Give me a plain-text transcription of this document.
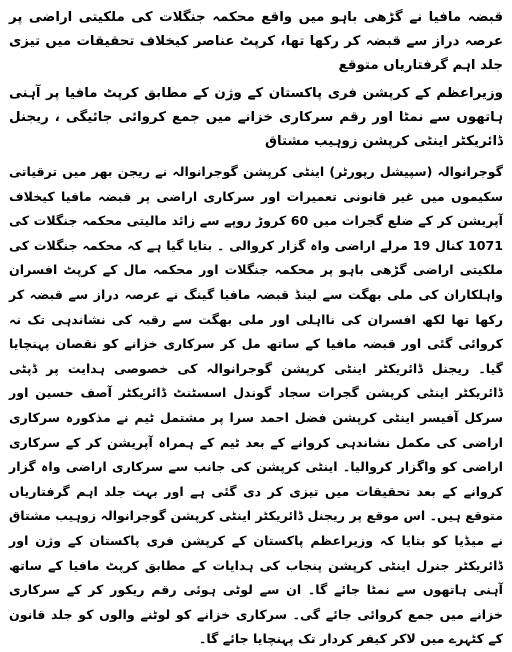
قبضہ مافیا نے گڑھی باہو میں واقع محکمہ جنگلات کی ملکیتی اراضی پر عرصہ دراز سے قبضہ کر رکھا تھا، کرپٹ عناصر کیخلاف تحقیقات میں تیزی جلد اہم گرفتاریاں متوقع

وزیراعظم کے کرپشن فری پاکستان کے وژن کے مطابق کرپٹ مافیا پر آہنی ہاتھوں سے نمٹا اور رقم سرکاری خزانے میں جمع کروائی جائیگی ، ریجنل ڈائریکٹر اینٹی کرپشن زوہیب مشتاق

گوجرانوالہ (سپیشل رپورٹر) اینٹی کرپشن گوجرانوالہ نے ریجن بھر میں ترقیاتی سکیموں میں غیر قانونی تعمیرات اور سرکاری اراضی پر قبضہ مافیا کیخلاف آپریشن کر کے ضلع گجرات میں 60 کروڑ روپے سے زائد مالیتی محکمہ جنگلات کی 1071 کنال 19 مرلے اراضی واہ گزار کروالی ۔ بتایا گیا ہے کہ محکمہ جنگلات کی ملکیتی اراضی گڑھی باہو پر محکمہ جنگلات اور محکمہ مال کے کرپٹ افسران واہلکاران کی ملی بھگت سے لینڈ قبضہ مافیا گینگ نے عرصہ دراز سے قبضہ کر رکھا تھا لکھ افسران کی نااہلی اور ملی بھگت سے رقبہ کی نشاندہی تک نہ کروائی گئی اور قبضہ مافیا کے ساتھ مل کر سرکاری خزانے کو نقصان پہنچایا گیا۔ ریجنل ڈائریکٹر اینٹی کرپشن گوجرانوالہ کی خصوصی ہدایت پر ڈپٹی ڈائریکٹر اینٹی کرپشن گجرات سجاد گوندل اسسٹنٹ ڈائریکٹر آصف حسین اور سرکل آفیسر اینٹی کرپشن فضل احمد سرا پر مشتمل ٹیم نے مذکورہ سرکاری اراضی کی مکمل نشاندہی کروانے کے بعد ٹیم کے ہمراہ آپریشن کر کے سرکاری اراضی کو واگزار کروالیا۔ اینٹی کرپشن کی جانب سے سرکاری اراضی واہ گزار کروانے کے بعد تحقیقات میں تیزی کر دی گئی ہے اور بہت جلد اہم گرفتاریاں متوقع ہیں۔ اس موقع پر ریجنل ڈائریکٹر اینٹی کرپشن گوجرانوالہ زوہیب مشتاق نے میڈیا کو بتایا کہ وزیراعظم پاکستان کے کرپشن فری پاکستان کے وژن اور ڈائریکٹر جنرل اینٹی کرپشن پنجاب کی ہدایات کے مطابق کرپٹ مافیا کے ساتھ آہنی ہاتھوں سے نمٹا جائے گا۔ ان سے لوٹی ہوئی رقم ریکور کر کے سرکاری خزانے میں جمع کروائی جائے گی۔ سرکاری خزانے کو لوٹنے والوں کو جلد قانون کے کٹہرے میں لاکر کیفر کردار تک پہنچایا جائے گا۔
